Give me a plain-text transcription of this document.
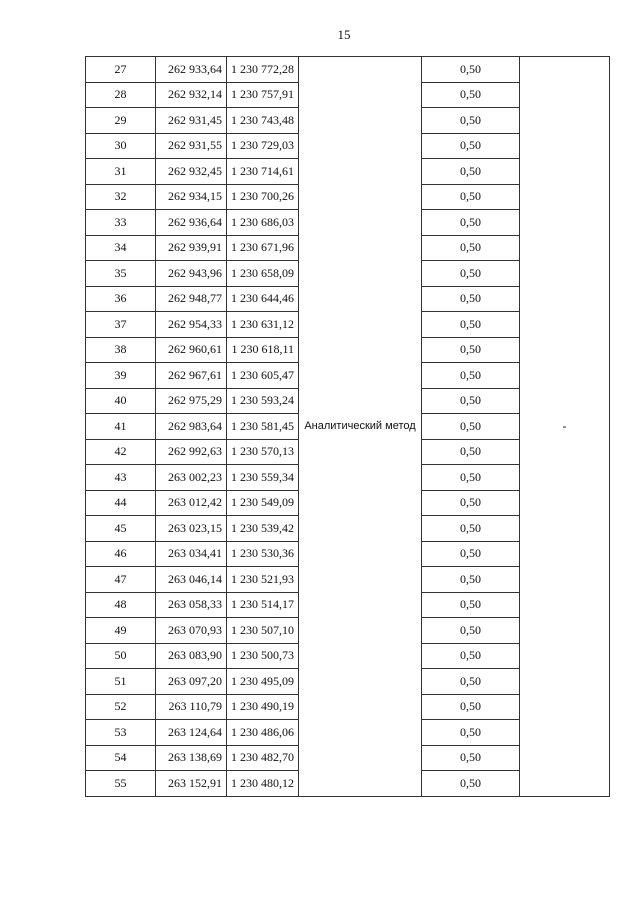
15
27	262 933,64	1 230 772,28	Аналитический метод	0,50	-
28	262 932,14	1 230 757,91		0,50	
29	262 931,45	1 230 743,48		0,50	
30	262 931,55	1 230 729,03		0,50	
31	262 932,45	1 230 714,61		0,50	
32	262 934,15	1 230 700,26		0,50	
33	262 936,64	1 230 686,03		0,50	
34	262 939,91	1 230 671,96		0,50	
35	262 943,96	1 230 658,09		0,50	
36	262 948,77	1 230 644,46		0,50	
37	262 954,33	1 230 631,12		0,50	
38	262 960,61	1 230 618,11		0,50	
39	262 967,61	1 230 605,47		0,50	
40	262 975,29	1 230 593,24		0,50	
41	262 983,64	1 230 581,45		0,50	
42	262 992,63	1 230 570,13		0,50	
43	263 002,23	1 230 559,34		0,50	
44	263 012,42	1 230 549,09		0,50	
45	263 023,15	1 230 539,42		0,50	
46	263 034,41	1 230 530,36		0,50	
47	263 046,14	1 230 521,93		0,50	
48	263 058,33	1 230 514,17		0,50	
49	263 070,93	1 230 507,10		0,50	
50	263 083,90	1 230 500,73		0,50	
51	263 097,20	1 230 495,09		0,50	
52	263 110,79	1 230 490,19		0,50	
53	263 124,64	1 230 486,06		0,50	
54	263 138,69	1 230 482,70		0,50	
55	263 152,91	1 230 480,12		0,50	
